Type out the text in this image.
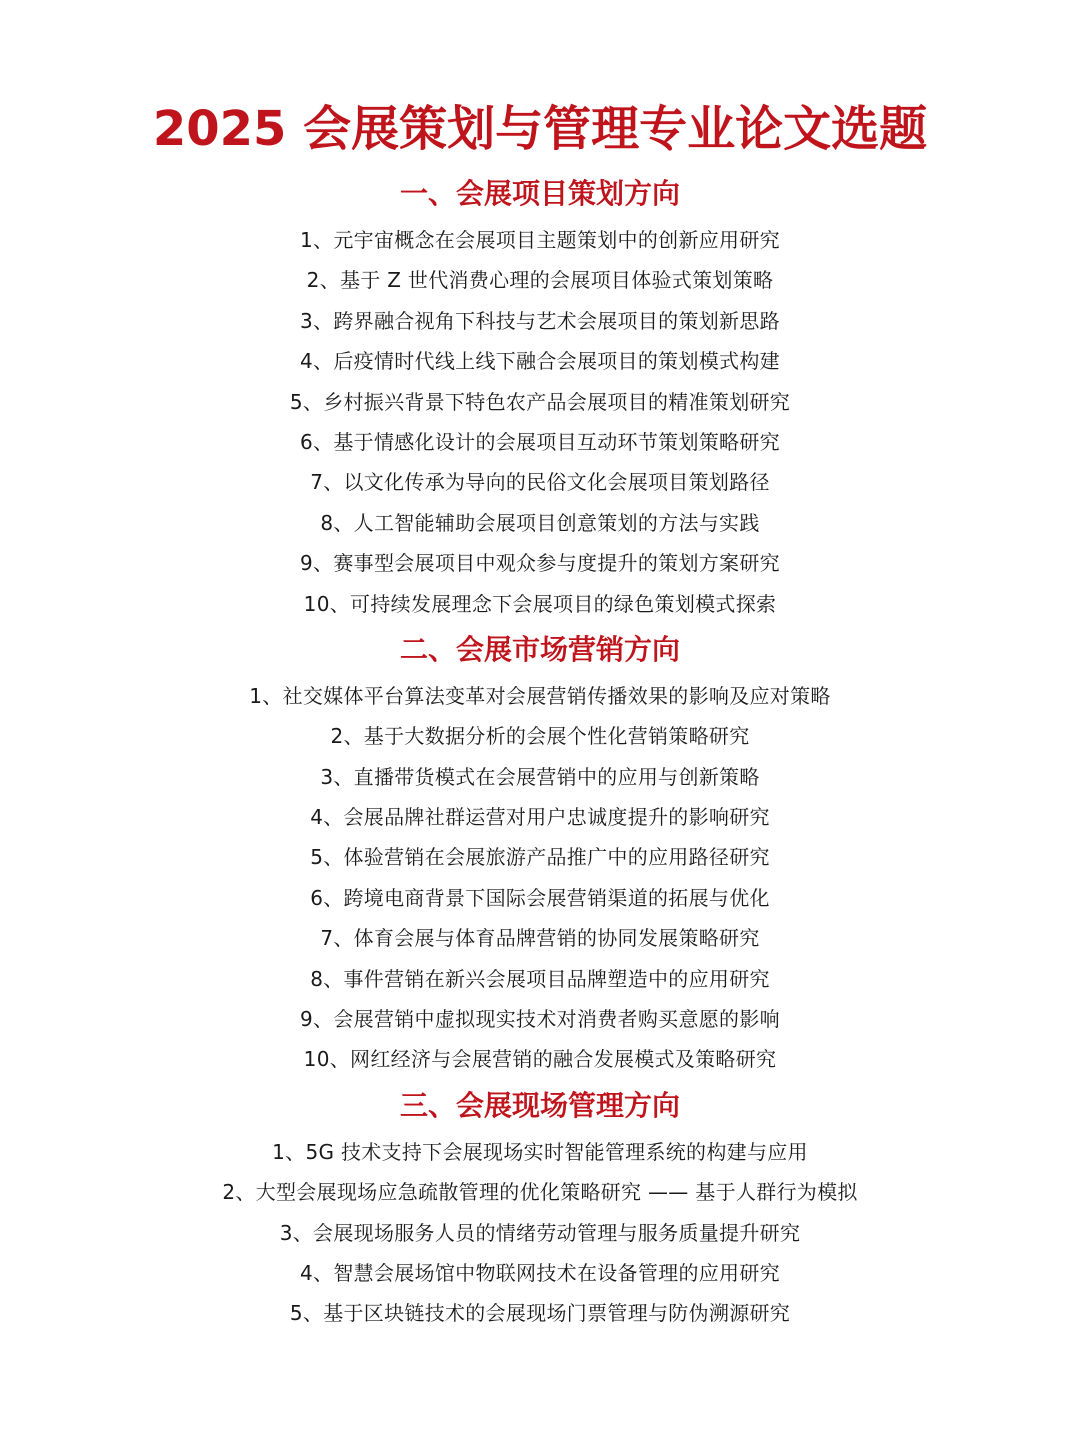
2025 会展策划与管理专业论文选题
一、会展项目策划方向
1、元宇宙概念在会展项目主题策划中的创新应用研究
2、基于 Z 世代消费心理的会展项目体验式策划策略
3、跨界融合视角下科技与艺术会展项目的策划新思路
4、后疫情时代线上线下融合会展项目的策划模式构建
5、乡村振兴背景下特色农产品会展项目的精准策划研究
6、基于情感化设计的会展项目互动环节策划策略研究
7、以文化传承为导向的民俗文化会展项目策划路径
8、人工智能辅助会展项目创意策划的方法与实践
9、赛事型会展项目中观众参与度提升的策划方案研究
10、可持续发展理念下会展项目的绿色策划模式探索
二、会展市场营销方向
1、社交媒体平台算法变革对会展营销传播效果的影响及应对策略
2、基于大数据分析的会展个性化营销策略研究
3、直播带货模式在会展营销中的应用与创新策略
4、会展品牌社群运营对用户忠诚度提升的影响研究
5、体验营销在会展旅游产品推广中的应用路径研究
6、跨境电商背景下国际会展营销渠道的拓展与优化
7、体育会展与体育品牌营销的协同发展策略研究
8、事件营销在新兴会展项目品牌塑造中的应用研究
9、会展营销中虚拟现实技术对消费者购买意愿的影响
10、网红经济与会展营销的融合发展模式及策略研究
三、会展现场管理方向
1、5G 技术支持下会展现场实时智能管理系统的构建与应用
2、大型会展现场应急疏散管理的优化策略研究 —— 基于人群行为模拟
3、会展现场服务人员的情绪劳动管理与服务质量提升研究
4、智慧会展场馆中物联网技术在设备管理的应用研究
5、基于区块链技术的会展现场门票管理与防伪溯源研究
